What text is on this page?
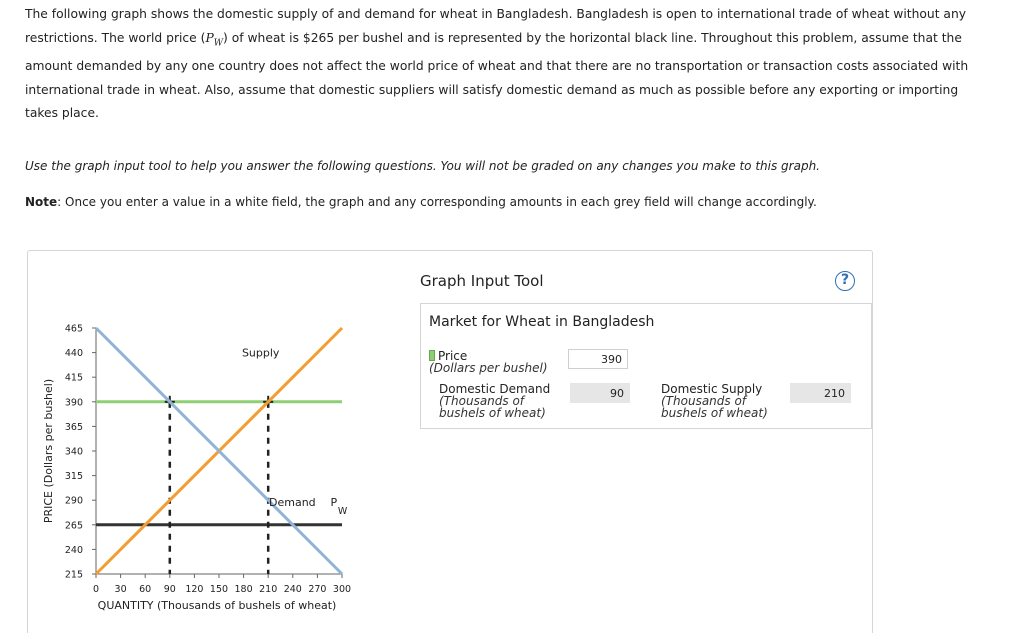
The following graph shows the domestic supply of and demand for wheat in Bangladesh. Bangladesh is open to international trade of wheat without any restrictions. The world price $(P_W)$ of wheat is $265 per bushel and is represented by the horizontal black line. Throughout this problem, assume that the amount demanded by any one country does not affect the world price of wheat and that there are no transportation or transaction costs associated with international trade in wheat. Also, assume that domestic suppliers will satisfy domestic demand as much as possible before any exporting or importing takes place.
Use the graph input tool to help you answer the following questions. You will not be graded on any changes you make to this graph.
Note: Once you enter a value in a white field, the graph and any corresponding amounts in each grey field will change accordingly.
215
240
265
290
315
340
365
390
415
440
465
0 30 60 90 120 150 180 210 240 270 300
QUANTITY (Thousands of bushels of wheat)
PRICE (Dollars per bushel)
Supply
Demand P
W
Graph Input Tool	?
Market for Wheat in Bangladesh
Price
(Dollars per bushel)
390
Domestic Demand
(Thousands of
bushels of wheat)
90	Domestic Supply
(Thousands of
bushels of wheat)
210
